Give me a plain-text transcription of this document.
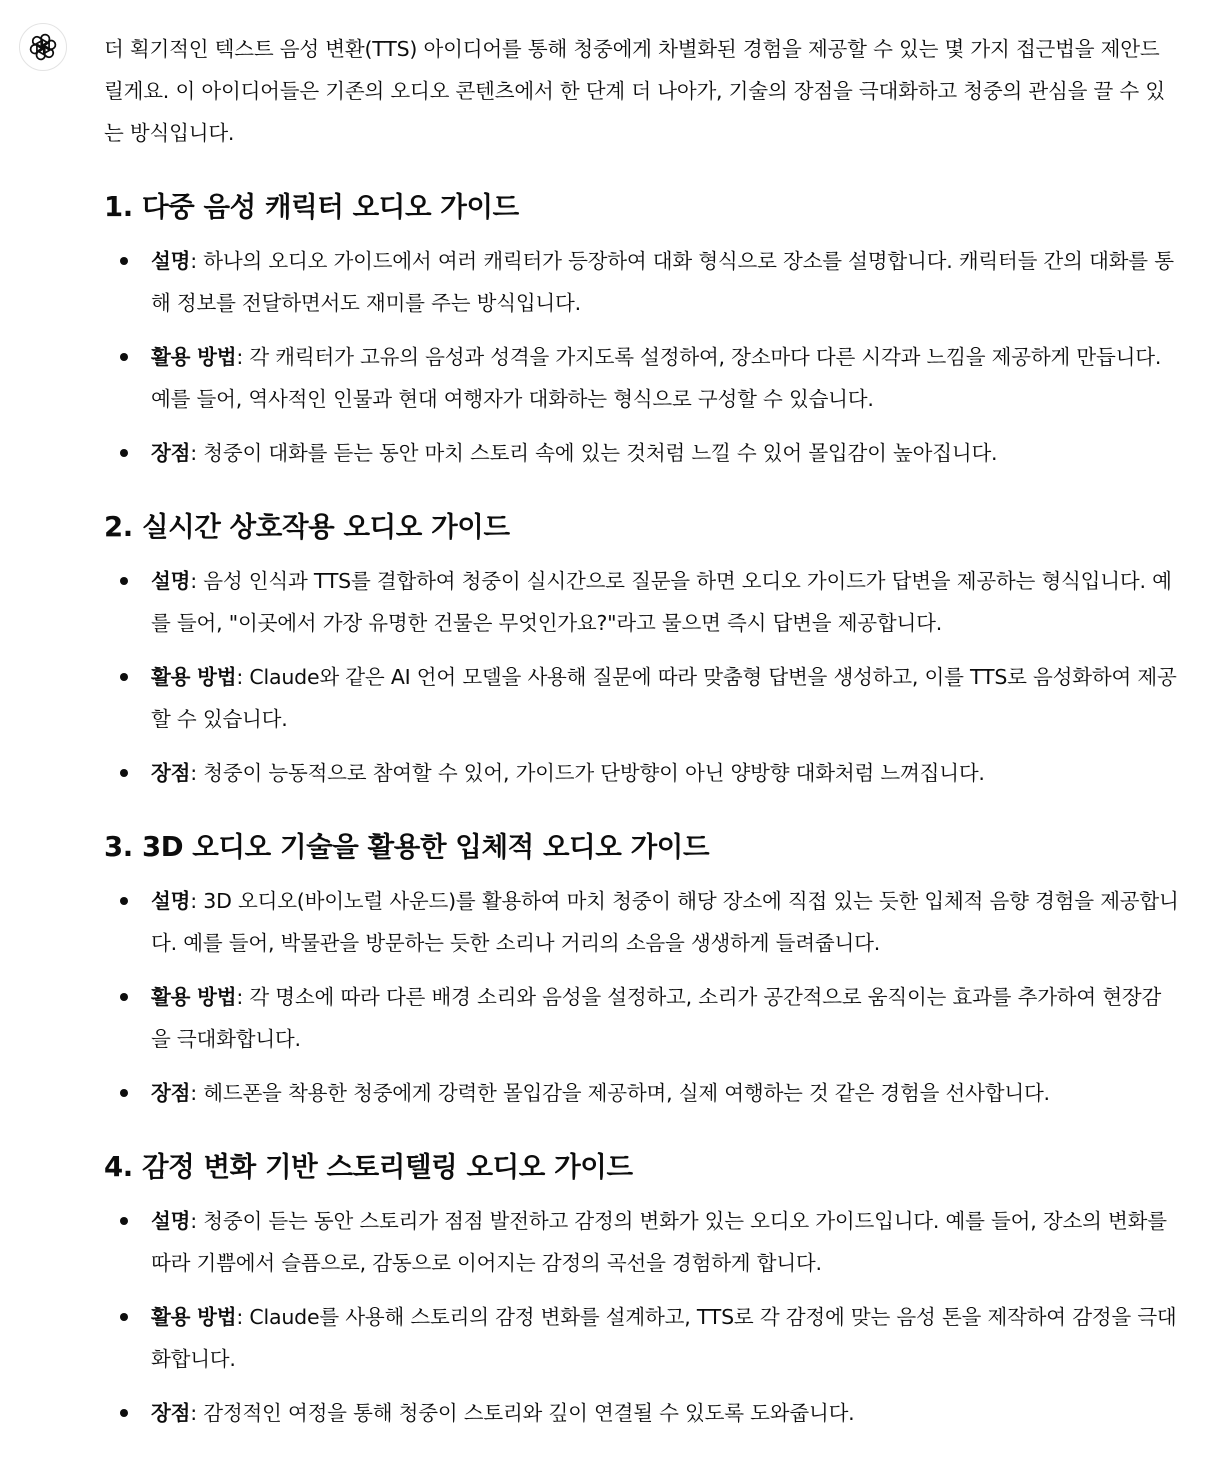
더 획기적인 텍스트 음성 변환(TTS) 아이디어를 통해 청중에게 차별화된 경험을 제공할 수 있는 몇 가지 접근법을 제안드릴게요. 이 아이디어들은 기존의 오디오 콘텐츠에서 한 단계 더 나아가, 기술의 장점을 극대화하고 청중의 관심을 끌 수 있는 방식입니다.

1. 다중 음성 캐릭터 오디오 가이드
설명: 하나의 오디오 가이드에서 여러 캐릭터가 등장하여 대화 형식으로 장소를 설명합니다. 캐릭터들 간의 대화를 통해 정보를 전달하면서도 재미를 주는 방식입니다.
활용 방법: 각 캐릭터가 고유의 음성과 성격을 가지도록 설정하여, 장소마다 다른 시각과 느낌을 제공하게 만듭니다. 예를 들어, 역사적인 인물과 현대 여행자가 대화하는 형식으로 구성할 수 있습니다.
장점: 청중이 대화를 듣는 동안 마치 스토리 속에 있는 것처럼 느낄 수 있어 몰입감이 높아집니다.
2. 실시간 상호작용 오디오 가이드
설명: 음성 인식과 TTS를 결합하여 청중이 실시간으로 질문을 하면 오디오 가이드가 답변을 제공하는 형식입니다. 예를 들어, "이곳에서 가장 유명한 건물은 무엇인가요?"라고 물으면 즉시 답변을 제공합니다.
활용 방법: Claude와 같은 AI 언어 모델을 사용해 질문에 따라 맞춤형 답변을 생성하고, 이를 TTS로 음성화하여 제공할 수 있습니다.
장점: 청중이 능동적으로 참여할 수 있어, 가이드가 단방향이 아닌 양방향 대화처럼 느껴집니다.
3. 3D 오디오 기술을 활용한 입체적 오디오 가이드
설명: 3D 오디오(바이노럴 사운드)를 활용하여 마치 청중이 해당 장소에 직접 있는 듯한 입체적 음향 경험을 제공합니다. 예를 들어, 박물관을 방문하는 듯한 소리나 거리의 소음을 생생하게 들려줍니다.
활용 방법: 각 명소에 따라 다른 배경 소리와 음성을 설정하고, 소리가 공간적으로 움직이는 효과를 추가하여 현장감을 극대화합니다.
장점: 헤드폰을 착용한 청중에게 강력한 몰입감을 제공하며, 실제 여행하는 것 같은 경험을 선사합니다.
4. 감정 변화 기반 스토리텔링 오디오 가이드
설명: 청중이 듣는 동안 스토리가 점점 발전하고 감정의 변화가 있는 오디오 가이드입니다. 예를 들어, 장소의 변화를 따라 기쁨에서 슬픔으로, 감동으로 이어지는 감정의 곡선을 경험하게 합니다.
활용 방법: Claude를 사용해 스토리의 감정 변화를 설계하고, TTS로 각 감정에 맞는 음성 톤을 제작하여 감정을 극대화합니다.
장점: 감정적인 여정을 통해 청중이 스토리와 깊이 연결될 수 있도록 도와줍니다.
